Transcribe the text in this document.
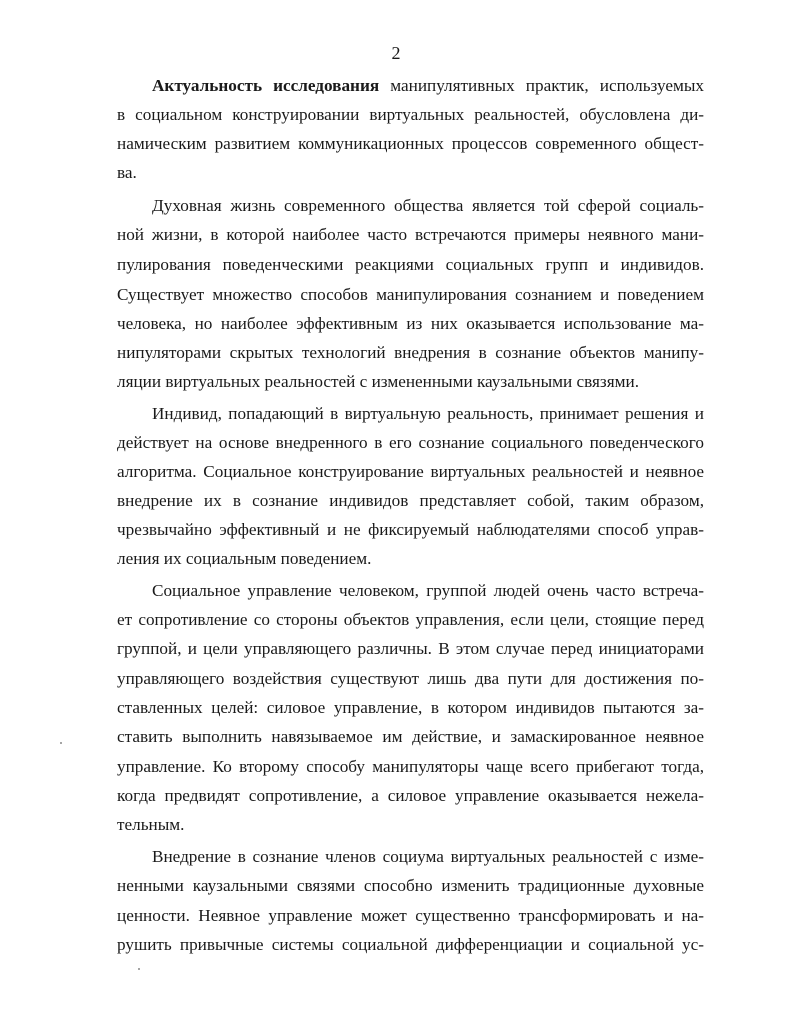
2
Актуальность исследования манипулятивных практик, используемых
в социальном конструировании виртуальных реальностей, обусловлена ди-
намическим развитием коммуникационных процессов современного общест-
ва.
Духовная жизнь современного общества является той сферой социаль-
ной жизни, в которой наиболее часто встречаются примеры неявного мани-
пулирования поведенческими реакциями социальных групп и индивидов.
Существует множество способов манипулирования сознанием и поведением
человека, но наиболее эффективным из них оказывается использование ма-
нипуляторами скрытых технологий внедрения в сознание объектов манипу-
ляции виртуальных реальностей с измененными каузальными связями.
Индивид, попадающий в виртуальную реальность, принимает решения и
действует на основе внедренного в его сознание социального поведенческого
алгоритма. Социальное конструирование виртуальных реальностей и неявное
внедрение их в сознание индивидов представляет собой, таким образом,
чрезвычайно эффективный и не фиксируемый наблюдателями способ управ-
ления их социальным поведением.
Социальное управление человеком, группой людей очень часто встреча-
ет сопротивление со стороны объектов управления, если цели, стоящие перед
группой, и цели управляющего различны. В этом случае перед инициаторами
управляющего воздействия существуют лишь два пути для достижения по-
ставленных целей: силовое управление, в котором индивидов пытаются за-
ставить выполнить навязываемое им действие, и замаскированное неявное
управление. Ко второму способу манипуляторы чаще всего прибегают тогда,
когда предвидят сопротивление, а силовое управление оказывается нежела-
тельным.
Внедрение в сознание членов социума виртуальных реальностей с изме-
ненными каузальными связями способно изменить традиционные духовные
ценности. Неявное управление может существенно трансформировать и на-
рушить привычные системы социальной дифференциации и социальной ус-
